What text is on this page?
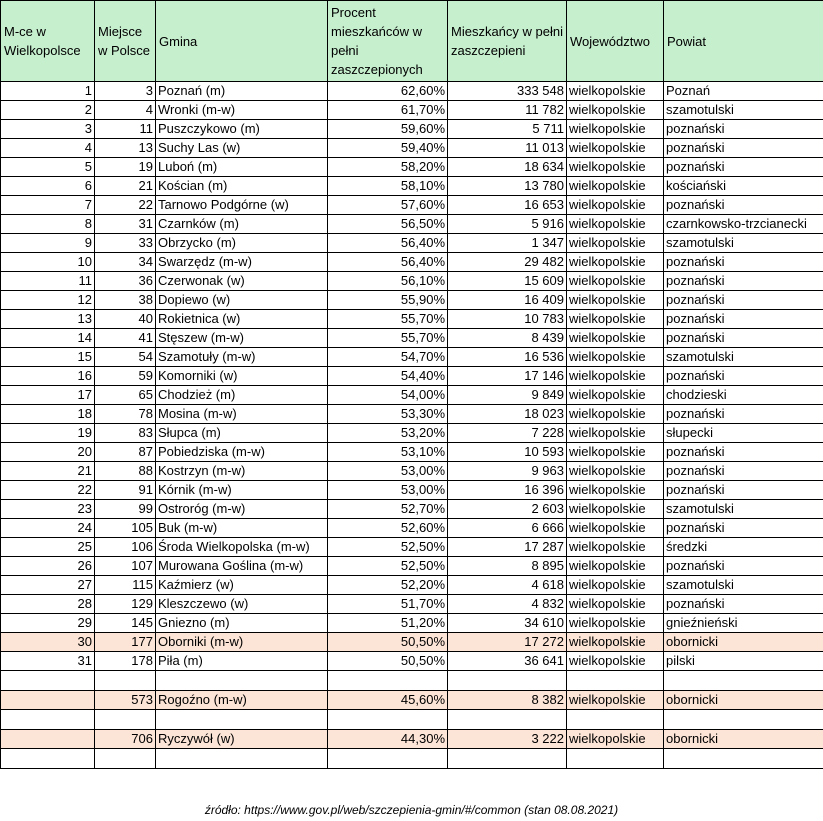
M-ce w Wielkopolsce	Miejsce w Polsce	Gmina	Procent mieszkańców w pełni zaszczepionych	Mieszkańcy w pełni zaszczepieni	Województwo	Powiat
1	3	Poznań (m)	62,60%	333 548	wielkopolskie	Poznań
2	4	Wronki (m-w)	61,70%	11 782	wielkopolskie	szamotulski
3	11	Puszczykowo (m)	59,60%	5 711	wielkopolskie	poznański
4	13	Suchy Las (w)	59,40%	11 013	wielkopolskie	poznański
5	19	Luboń (m)	58,20%	18 634	wielkopolskie	poznański
6	21	Kościan (m)	58,10%	13 780	wielkopolskie	kościański
7	22	Tarnowo Podgórne (w)	57,60%	16 653	wielkopolskie	poznański
8	31	Czarnków (m)	56,50%	5 916	wielkopolskie	czarnkowsko-trzcianecki
9	33	Obrzycko (m)	56,40%	1 347	wielkopolskie	szamotulski
10	34	Swarzędz (m-w)	56,40%	29 482	wielkopolskie	poznański
11	36	Czerwonak (w)	56,10%	15 609	wielkopolskie	poznański
12	38	Dopiewo (w)	55,90%	16 409	wielkopolskie	poznański
13	40	Rokietnica (w)	55,70%	10 783	wielkopolskie	poznański
14	41	Stęszew (m-w)	55,70%	8 439	wielkopolskie	poznański
15	54	Szamotuły (m-w)	54,70%	16 536	wielkopolskie	szamotulski
16	59	Komorniki (w)	54,40%	17 146	wielkopolskie	poznański
17	65	Chodzież (m)	54,00%	9 849	wielkopolskie	chodzieski
18	78	Mosina (m-w)	53,30%	18 023	wielkopolskie	poznański
19	83	Słupca (m)	53,20%	7 228	wielkopolskie	słupecki
20	87	Pobiedziska (m-w)	53,10%	10 593	wielkopolskie	poznański
21	88	Kostrzyn (m-w)	53,00%	9 963	wielkopolskie	poznański
22	91	Kórnik (m-w)	53,00%	16 396	wielkopolskie	poznański
23	99	Ostroróg (m-w)	52,70%	2 603	wielkopolskie	szamotulski
24	105	Buk (m-w)	52,60%	6 666	wielkopolskie	poznański
25	106	Środa Wielkopolska (m-w)	52,50%	17 287	wielkopolskie	średzki
26	107	Murowana Goślina (m-w)	52,50%	8 895	wielkopolskie	poznański
27	115	Kaźmierz (w)	52,20%	4 618	wielkopolskie	szamotulski
28	129	Kleszczewo (w)	51,70%	4 832	wielkopolskie	poznański
29	145	Gniezno (m)	51,20%	34 610	wielkopolskie	gnieźnieński
30	177	Oborniki (m-w)	50,50%	17 272	wielkopolskie	obornicki
31	178	Piła (m)	50,50%	36 641	wielkopolskie	pilski

	573	Rogoźno (m-w)	45,60%	8 382	wielkopolskie	obornicki

	706	Ryczywół (w)	44,30%	3 222	wielkopolskie	obornicki

źródło: https://www.gov.pl/web/szczepienia-gmin/#/common (stan 08.08.2021)
